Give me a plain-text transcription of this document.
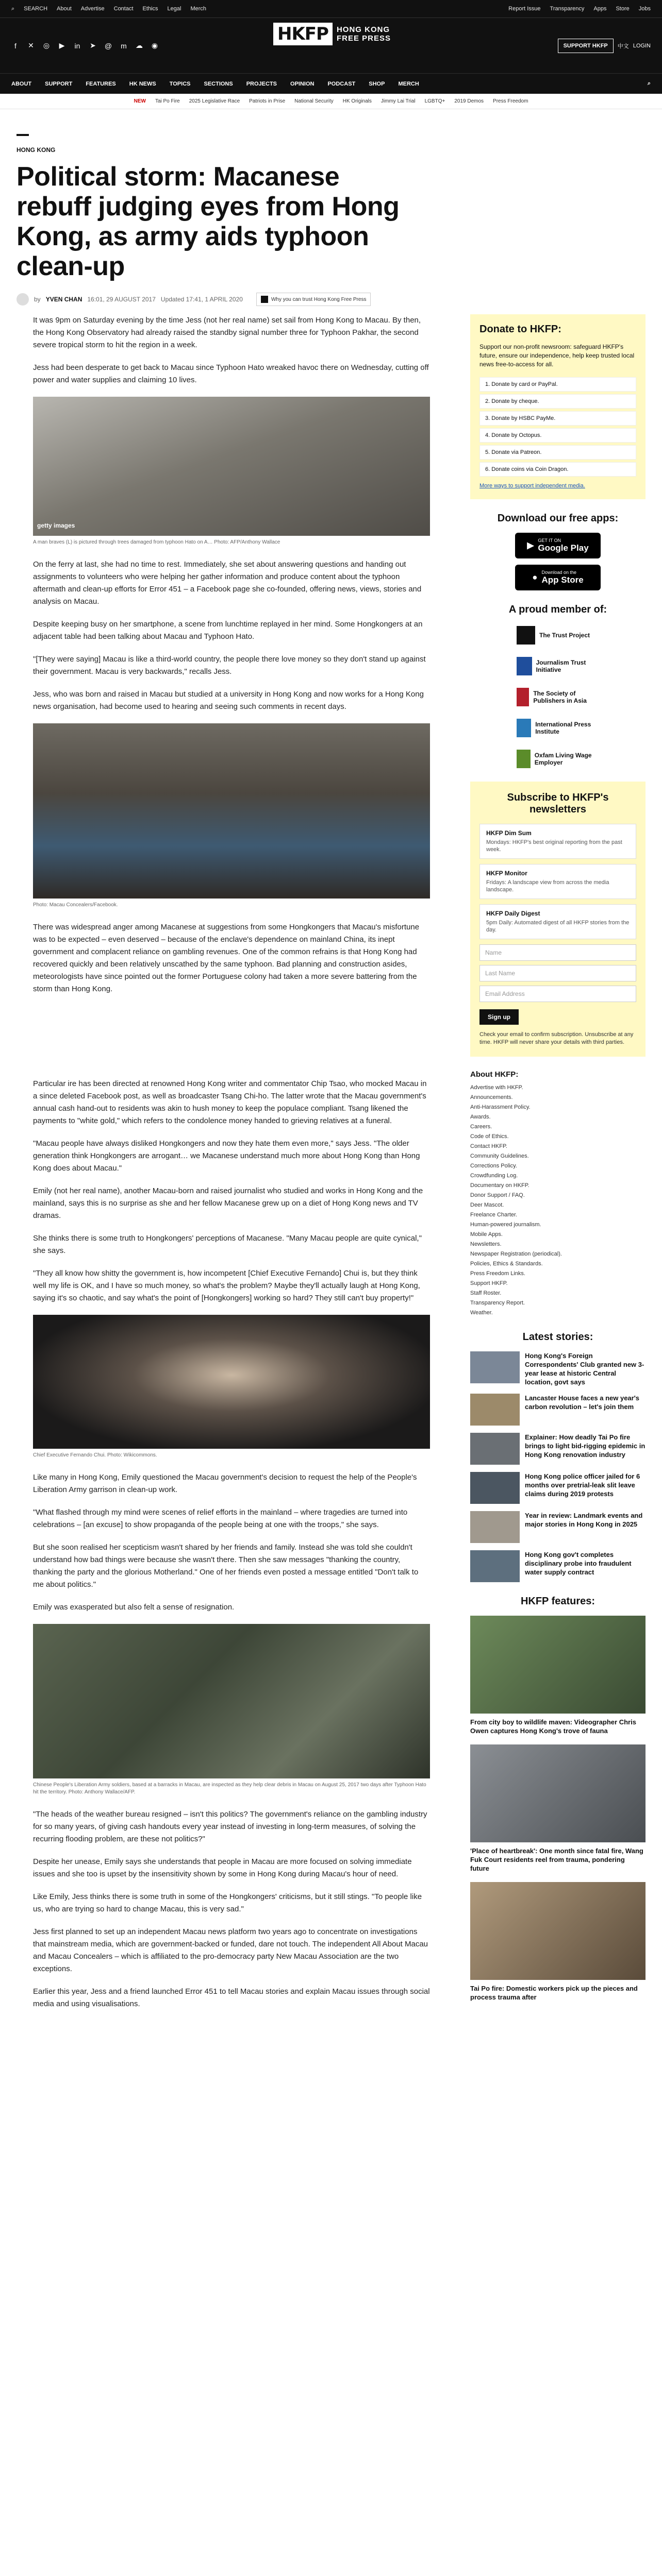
⌕ SEARCH About Advertise Contact Ethics Legal Merch	Report Issue Transparency Apps Store Jobs
f	✕ ◎ ▶ in ➤ @ m ☁ ◉	SUPPORT HKFP	中文 LOGIN
HKFP	HONG KONG
FREE PRESS
ABOUT SUPPORT FEATURES HK NEWS TOPICS SECTIONS PROJECTS OPINION PODCAST SHOP MERCH	⌕
NEW Tai Po Fire 2025 Legislative Race Patriots in Prise National Security HK Originals Jimmy Lai Trial LGBTQ+ 2019 Demos Press Freedom
HONG KONG
Political storm: Macanese rebuff judging eyes from Hong Kong, as army aids typhoon clean-up
by YVEN CHAN 16:01, 29 AUGUST 2017 Updated 17:41, 1 APRIL 2020	Why you can trust Hong Kong Free Press

It was 9pm on Saturday evening by the time Jess (not her real name) set sail from Hong Kong to Macau. By then, the Hong Kong Observatory had already raised the standby signal number three for Typhoon Pakhar, the second severe tropical storm to hit the region in a week.

Jess had been desperate to get back to Macau since Typhoon Hato wreaked havoc there on Wednesday, cutting off power and water supplies and claiming 10 lives.

getty images
A man braves (L) is pictured through trees damaged from typhoon Hato on A… Photo: AFP/Anthony Wallace

On the ferry at last, she had no time to rest. Immediately, she set about answering questions and handing out assignments to volunteers who were helping her gather information and produce content about the typhoon aftermath and clean-up efforts for Error 451 – a Facebook page she co-founded, offering news, views, stories and analysis on Macau.

Despite keeping busy on her smartphone, a scene from lunchtime replayed in her mind. Some Hongkongers at an adjacent table had been talking about Macau and Typhoon Hato.

"[They were saying] Macau is like a third-world country, the people there love money so they don't stand up against their government. Macau is very backwards," recalls Jess.

Jess, who was born and raised in Macau but studied at a university in Hong Kong and now works for a Hong Kong news organisation, had become used to hearing and seeing such comments in recent days.

Photo: Macau Concealers/Facebook.

There was widespread anger among Macanese at suggestions from some Hongkongers that Macau's misfortune was to be expected – even deserved – because of the enclave's dependence on mainland China, its inept government and complacent reliance on gambling revenues. One of the common refrains is that Hong Kong had recovered quickly and been relatively unscathed by the same typhoon. Bad planning and construction asides, meteorologists have since pointed out the former Portuguese colony had taken a more severe battering from the storm than Hong Kong.

Particular ire has been directed at renowned Hong Kong writer and commentator Chip Tsao, who mocked Macau in a since deleted Facebook post, as well as broadcaster Tsang Chi-ho. The latter wrote that the Macau government's annual cash hand-out to residents was akin to hush money to keep the populace compliant. Tsang likened the payments to "white gold," which refers to the condolence money handed to grieving relatives at a funeral.

"Macau people have always disliked Hongkongers and now they hate them even more," says Jess. "The older generation think Hongkongers are arrogant… we Macanese understand much more about Hong Kong than Hong Kong does about Macau."

Emily (not her real name), another Macau-born and raised journalist who studied and works in Hong Kong and the mainland, says this is no surprise as she and her fellow Macanese grew up on a diet of Hong Kong news and TV dramas.

She thinks there is some truth to Hongkongers' perceptions of Macanese. "Many Macau people are quite cynical," she says.

"They all know how shitty the government is, how incompetent [Chief Executive Fernando] Chui is, but they think well my life is OK, and I have so much money, so what's the problem? Maybe they'll actually laugh at Hong Kong, saying it's so chaotic, and say what's the point of [Hongkongers] working so hard? They still can't buy property!"

Chief Executive Fernando Chui. Photo: Wikicommons.

Like many in Hong Kong, Emily questioned the Macau government's decision to request the help of the People's Liberation Army garrison in clean-up work.

"What flashed through my mind were scenes of relief efforts in the mainland – where tragedies are turned into celebrations – [an excuse] to show propaganda of the people being at one with the troops," she says.

But she soon realised her scepticism wasn't shared by her friends and family. Instead she was told she couldn't understand how bad things were because she wasn't there. Then she saw messages "thanking the country, thanking the party and the glorious Motherland." One of her friends even posted a message entitled "Don't talk to me about politics."

Emily was exasperated but also felt a sense of resignation.

Chinese People's Liberation Army soldiers, based at a barracks in Macau, are inspected as they help clear debris in Macau on August 25, 2017 two days after Typhoon Hato hit the territory. Photo: Anthony Wallace/AFP.

"The heads of the weather bureau resigned – isn't this politics? The government's reliance on the gambling industry for so many years, of giving cash handouts every year instead of investing in long-term measures, of solving the recurring flooding problem, are these not politics?"

Despite her unease, Emily says she understands that people in Macau are more focused on solving immediate issues and she too is upset by the insensitivity shown by some in Hong Kong during Macau's hour of need.

Like Emily, Jess thinks there is some truth in some of the Hongkongers' criticisms, but it still stings. "To people like us, who are trying so hard to change Macau, this is very sad."

Jess first planned to set up an independent Macau news platform two years ago to concentrate on investigations that mainstream media, which are government-backed or funded, dare not touch. The independent All About Macau and Macau Concealers – which is affiliated to the pro-democracy party New Macau Association are the two exceptions.

Earlier this year, Jess and a friend launched Error 451 to tell Macau stories and explain Macau issues through social media and using visualisations.

Donate to HKFP:
Support our non-profit newsroom: safeguard HKFP's future, ensure our independence, help keep trusted local news free-to-access for all.
1. Donate by card or PayPal.
2. Donate by cheque.
3. Donate by HSBC PayMe.
4. Donate by Octopus.
5. Donate via Patreon.
6. Donate coins via Coin Dragon.
More ways to support independent media.
Download our free apps:
▶ GET IT ON
Google Play
● Download on the
App Store
A proud member of:
The Trust Project
Journalism Trust Initiative
The Society of Publishers in Asia
International Press Institute
Oxfam Living Wage Employer
Subscribe to HKFP's newsletters
HKFP Dim Sum
Mondays: HKFP's best original reporting from the past week.
HKFP Monitor
Fridays: A landscape view from across the media landscape.
HKFP Daily Digest
5pm Daily: Automated digest of all HKFP stories from the day.
Name
Last Name
Email Address
Sign up
Check your email to confirm subscription. Unsubscribe at any time. HKFP will never share your details with third parties.
About HKFP:
Advertise with HKFP.
Announcements.
Anti-Harassment Policy.
Awards.
Careers.
Code of Ethics.
Contact HKFP.
Community Guidelines.
Corrections Policy.
Crowdfunding Log.
Documentary on HKFP.
Donor Support / FAQ.
Deer Mascot.
Freelance Charter.
Human-powered journalism.
Mobile Apps.
Newsletters.
Newspaper Registration (periodical).
Policies, Ethics & Standards.
Press Freedom Links.
Support HKFP.
Staff Roster.
Transparency Report.
Weather.
Latest stories:
Hong Kong's Foreign Correspondents' Club granted new 3-year lease at historic Central location, govt says
Lancaster House faces a new year's carbon revolution – let's join them
Explainer: How deadly Tai Po fire brings to light bid-rigging epidemic in Hong Kong renovation industry
Hong Kong police officer jailed for 6 months over pretrial-leak slit leave claims during 2019 protests
Year in review: Landmark events and major stories in Hong Kong in 2025
Hong Kong gov't completes disciplinary probe into fraudulent water supply contract
HKFP features:
From city boy to wildlife maven: Videographer Chris Owen captures Hong Kong's trove of fauna
'Place of heartbreak': One month since fatal fire, Wang Fuk Court residents reel from trauma, pondering future
Tai Po fire: Domestic workers pick up the pieces and process trauma after
